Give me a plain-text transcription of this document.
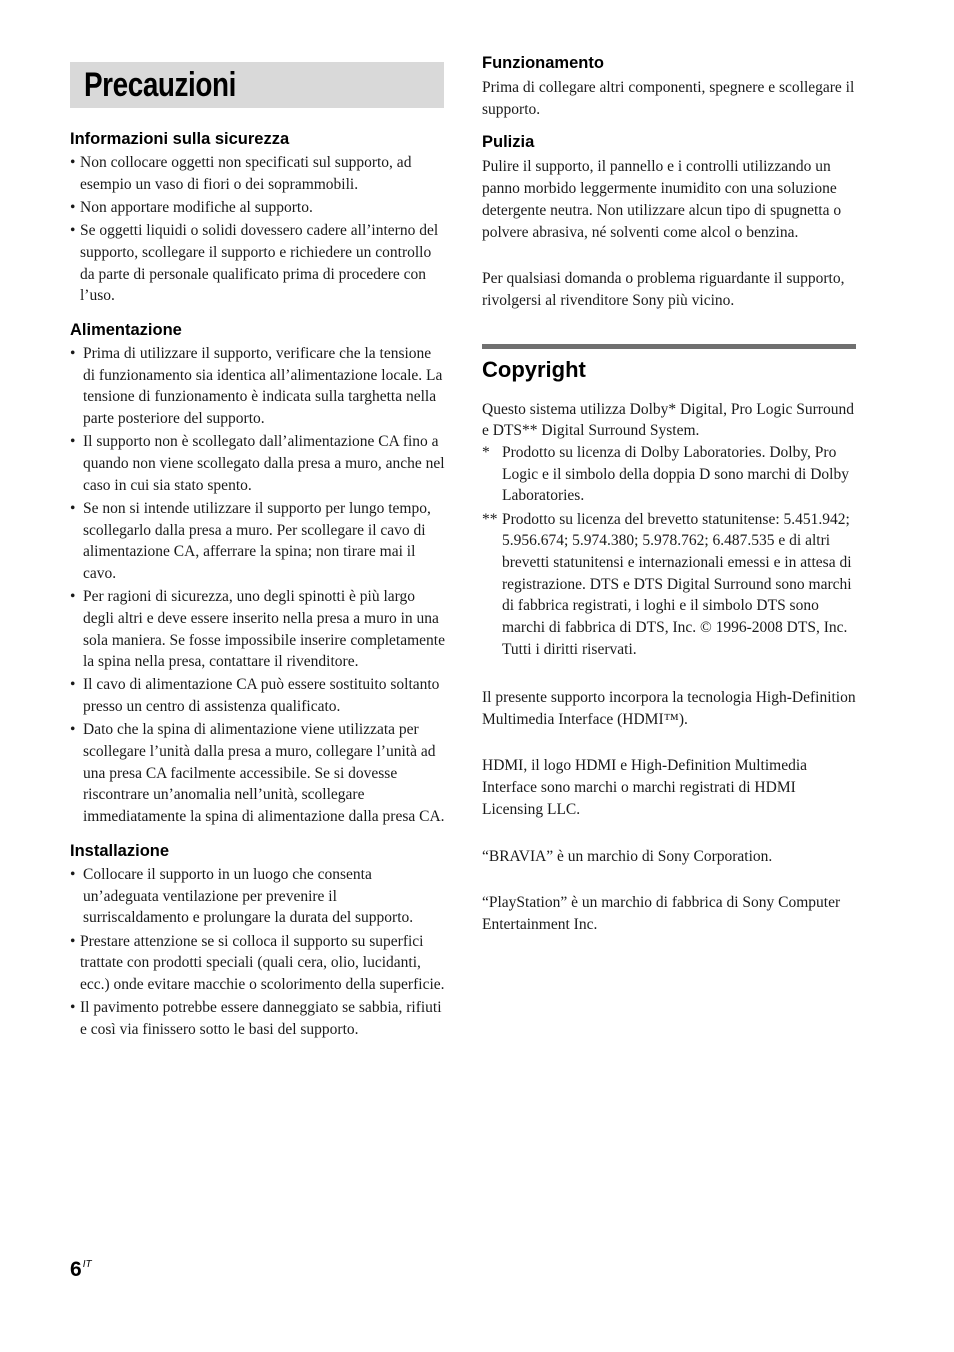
Precauzioni
Informazioni sulla sicurezza
• Non collocare oggetti non specificati sul supporto, ad esempio un vaso di fiori o dei soprammobili.
• Non apportare modifiche al supporto.
• Se oggetti liquidi o solidi dovessero cadere all’interno del supporto, scollegare il supporto e richiedere un controllo da parte di personale qualificato prima di procedere con l’uso.
Alimentazione
• Prima di utilizzare il supporto, verificare che la tensione di funzionamento sia identica all’alimentazione locale. La tensione di funzionamento è indicata sulla targhetta nella parte posteriore del supporto.
• Il supporto non è scollegato dall’alimentazione CA fino a quando non viene scollegato dalla presa a muro, anche nel caso in cui sia stato spento.
• Se non si intende utilizzare il supporto per lungo tempo, scollegarlo dalla presa a muro. Per scollegare il cavo di alimentazione CA, afferrare la spina; non tirare mai il cavo.
• Per ragioni di sicurezza, uno degli spinotti è più largo degli altri e deve essere inserito nella presa a muro in una sola maniera. Se fosse impossibile inserire completamente la spina nella presa, contattare il rivenditore.
• Il cavo di alimentazione CA può essere sostituito soltanto presso un centro di assistenza qualificato.
• Dato che la spina di alimentazione viene utilizzata per scollegare l’unità dalla presa a muro, collegare l’unità ad una presa CA facilmente accessibile. Se si dovesse riscontrare un’anomalia nell’unità, scollegare immediatamente la spina di alimentazione dalla presa CA.
Installazione
• Collocare il supporto in un luogo che consenta un’adeguata ventilazione per prevenire il surriscaldamento e prolungare la durata del supporto.
• Prestare attenzione se si colloca il supporto su superfici trattate con prodotti speciali (quali cera, olio, lucidanti, ecc.) onde evitare macchie o scolorimento della superficie.
• Il pavimento potrebbe essere danneggiato se sabbia, rifiuti e così via finissero sotto le basi del supporto.
Funzionamento

Prima di collegare altri componenti, spegnere e scollegare il supporto.

Pulizia

Pulire il supporto, il pannello e i controlli utilizzando un panno morbido leggermente inumidito con una soluzione detergente neutra. Non utilizzare alcun tipo di spugnetta o polvere abrasiva, né solventi come alcol o benzina.

Per qualsiasi domanda o problema riguardante il supporto, rivolgersi al rivenditore Sony più vicino.

Copyright

Questo sistema utilizza Dolby* Digital, Pro Logic Surround e DTS** Digital Surround System.

* Prodotto su licenza di Dolby Laboratories. Dolby, Pro Logic e il simbolo della doppia D sono marchi di Dolby Laboratories.
** Prodotto su licenza del brevetto statunitense: 5.451.942; 5.956.674; 5.974.380; 5.978.762; 6.487.535 e di altri brevetti statunitensi e internazionali emessi e in attesa di registrazione. DTS e DTS Digital Surround sono marchi di fabbrica registrati, i loghi e il simbolo DTS sono marchi di fabbrica di DTS, Inc. © 1996-2008 DTS, Inc. Tutti i diritti riservati.

Il presente supporto incorpora la tecnologia High-Definition Multimedia Interface (HDMI™).

HDMI, il logo HDMI e High-Definition Multimedia Interface sono marchi o marchi registrati di HDMI Licensing LLC.

“BRAVIA” è un marchio di Sony Corporation.

“PlayStation” è un marchio di fabbrica di Sony Computer Entertainment Inc.

$6^{IT}$
